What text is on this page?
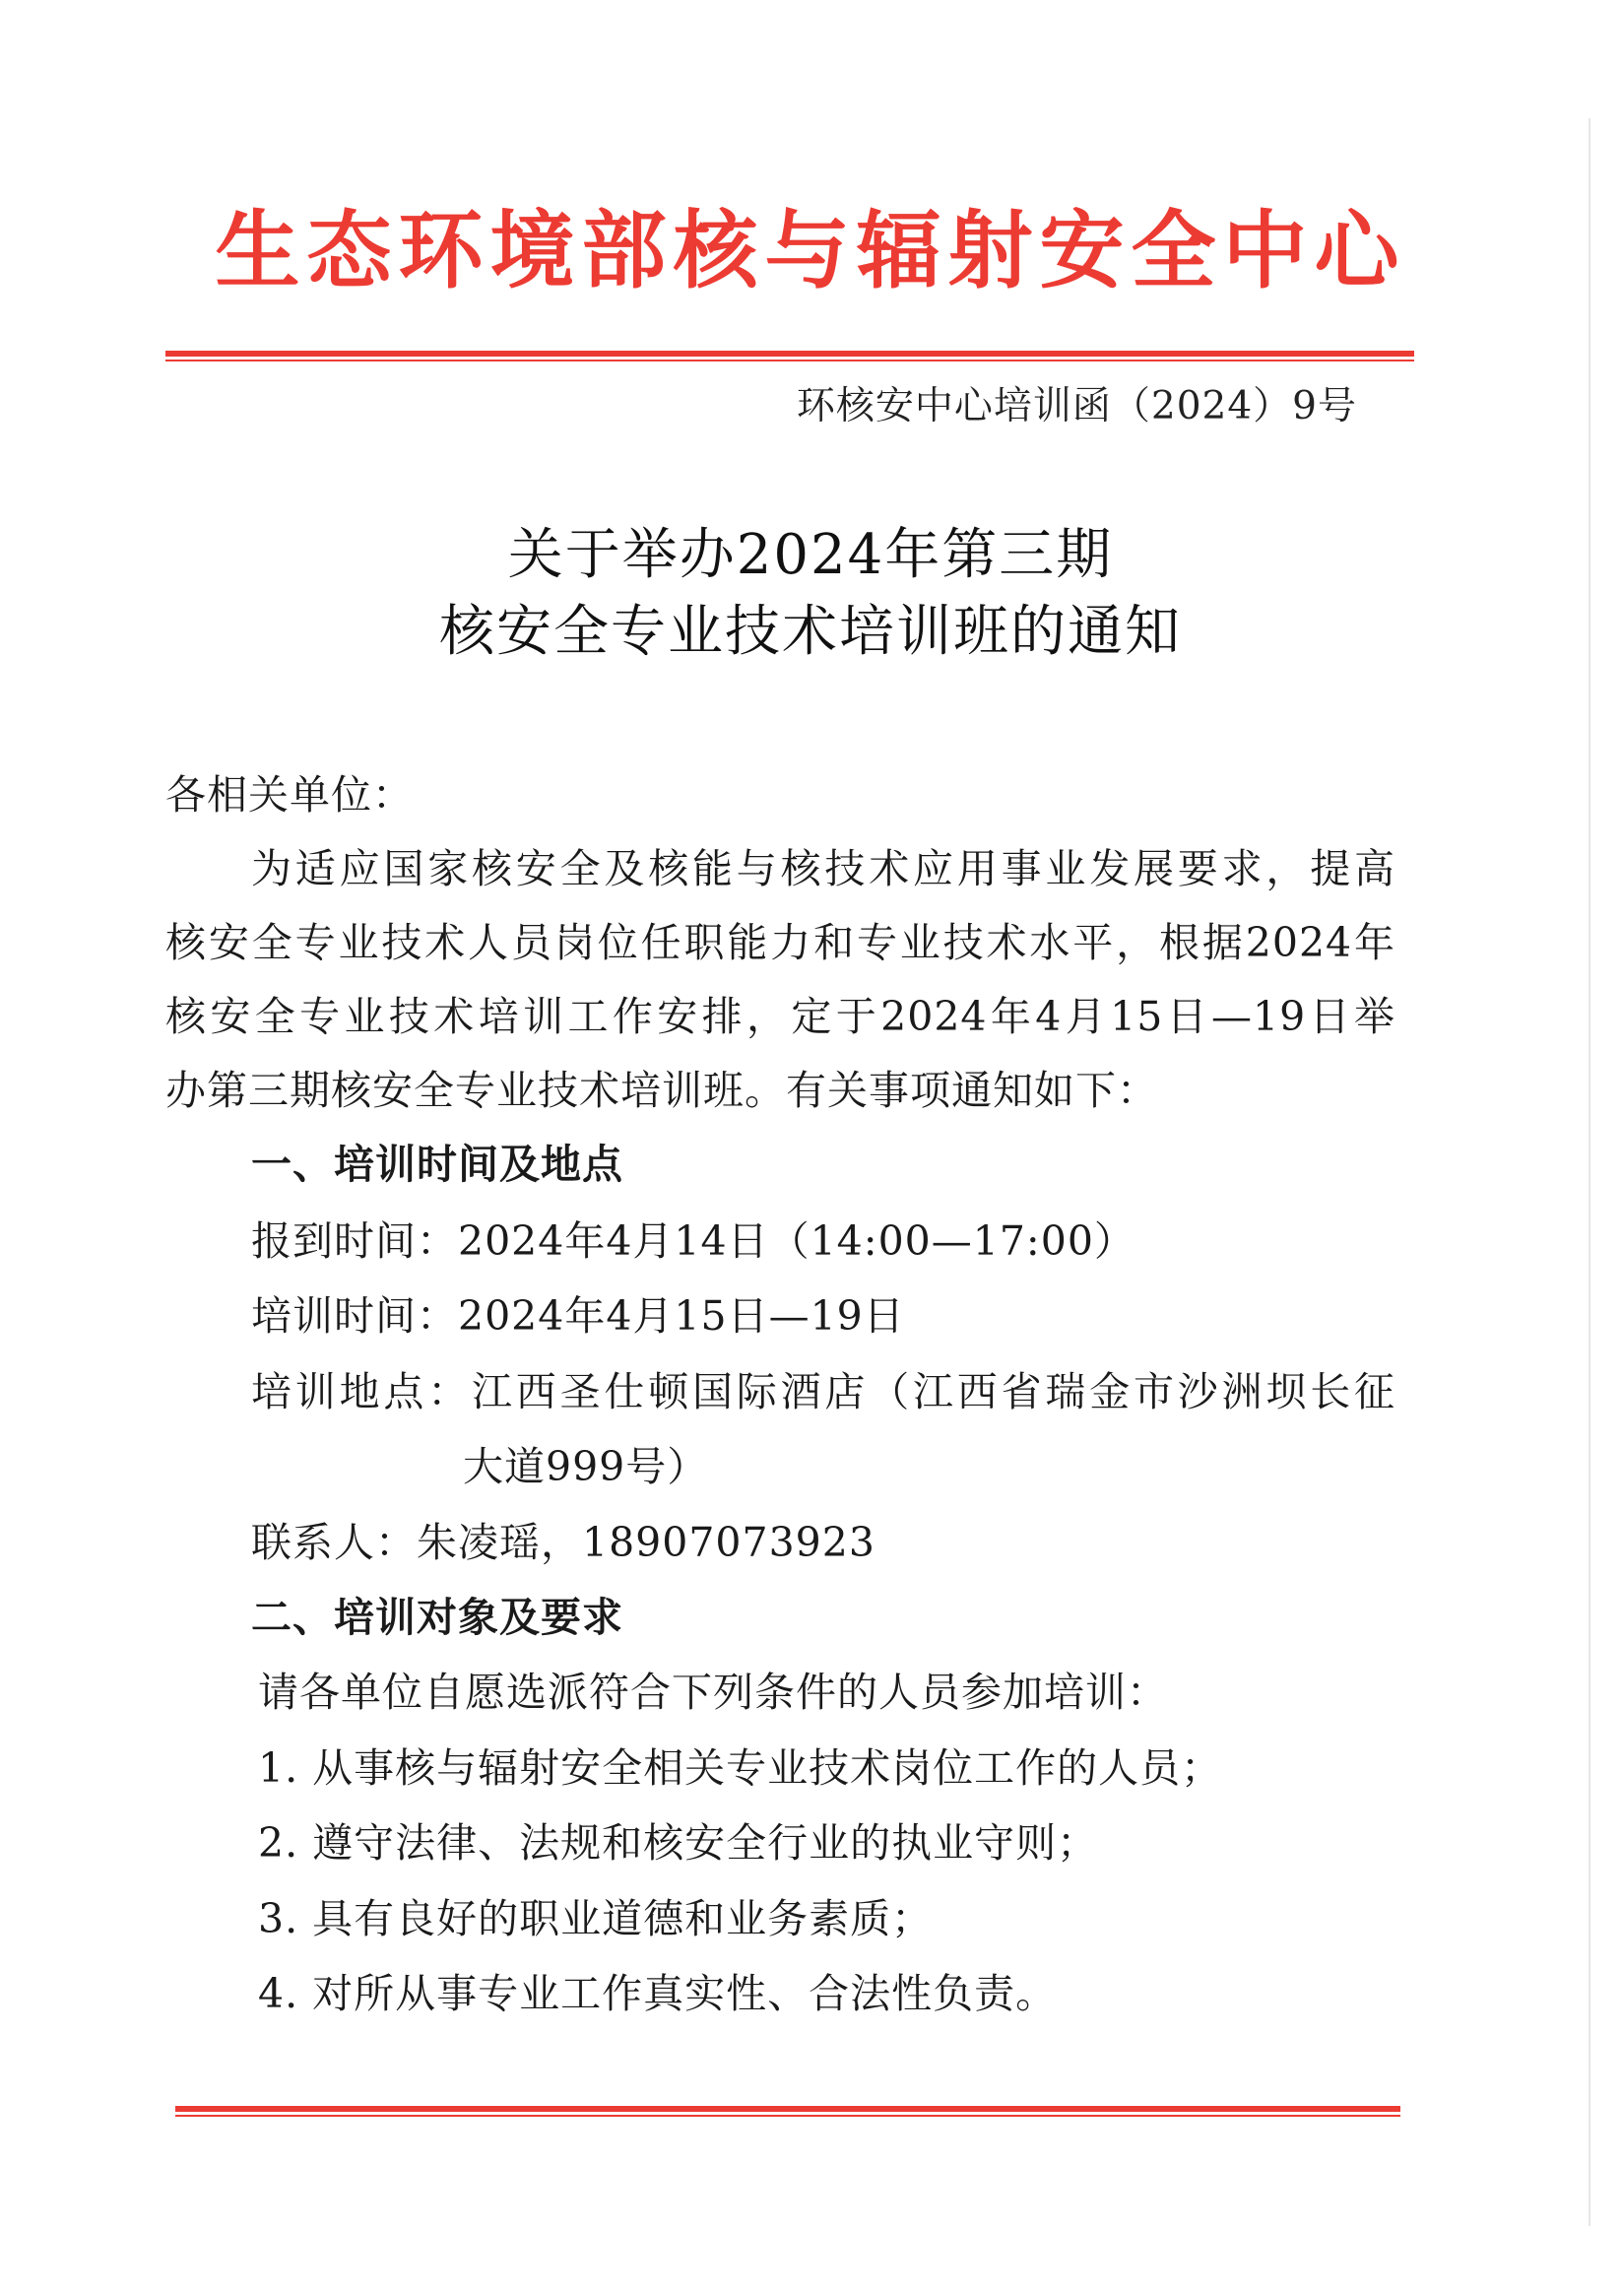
生态环境部核与辐射安全中心
环核安中心培训函（2024）9号
关于举办2024年第三期
核安全专业技术培训班的通知
各相关单位：
为适应国家核安全及核能与核技术应用事业发展要求，提高
核安全专业技术人员岗位任职能力和专业技术水平，根据2024年
核安全专业技术培训工作安排，定于2024年4月15日—19日举
办第三期核安全专业技术培训班。有关事项通知如下：
一、培训时间及地点
报到时间：2024年4月14日（14:00—17:00）
培训时间：2024年4月15日—19日
培训地点：江西圣仕顿国际酒店（江西省瑞金市沙洲坝长征
大道999号）
联系人：朱凌瑶，18907073923
二、培训对象及要求
请各单位自愿选派符合下列条件的人员参加培训：
1. 从事核与辐射安全相关专业技术岗位工作的人员；
2. 遵守法律、法规和核安全行业的执业守则；
3. 具有良好的职业道德和业务素质；
4. 对所从事专业工作真实性、合法性负责。
